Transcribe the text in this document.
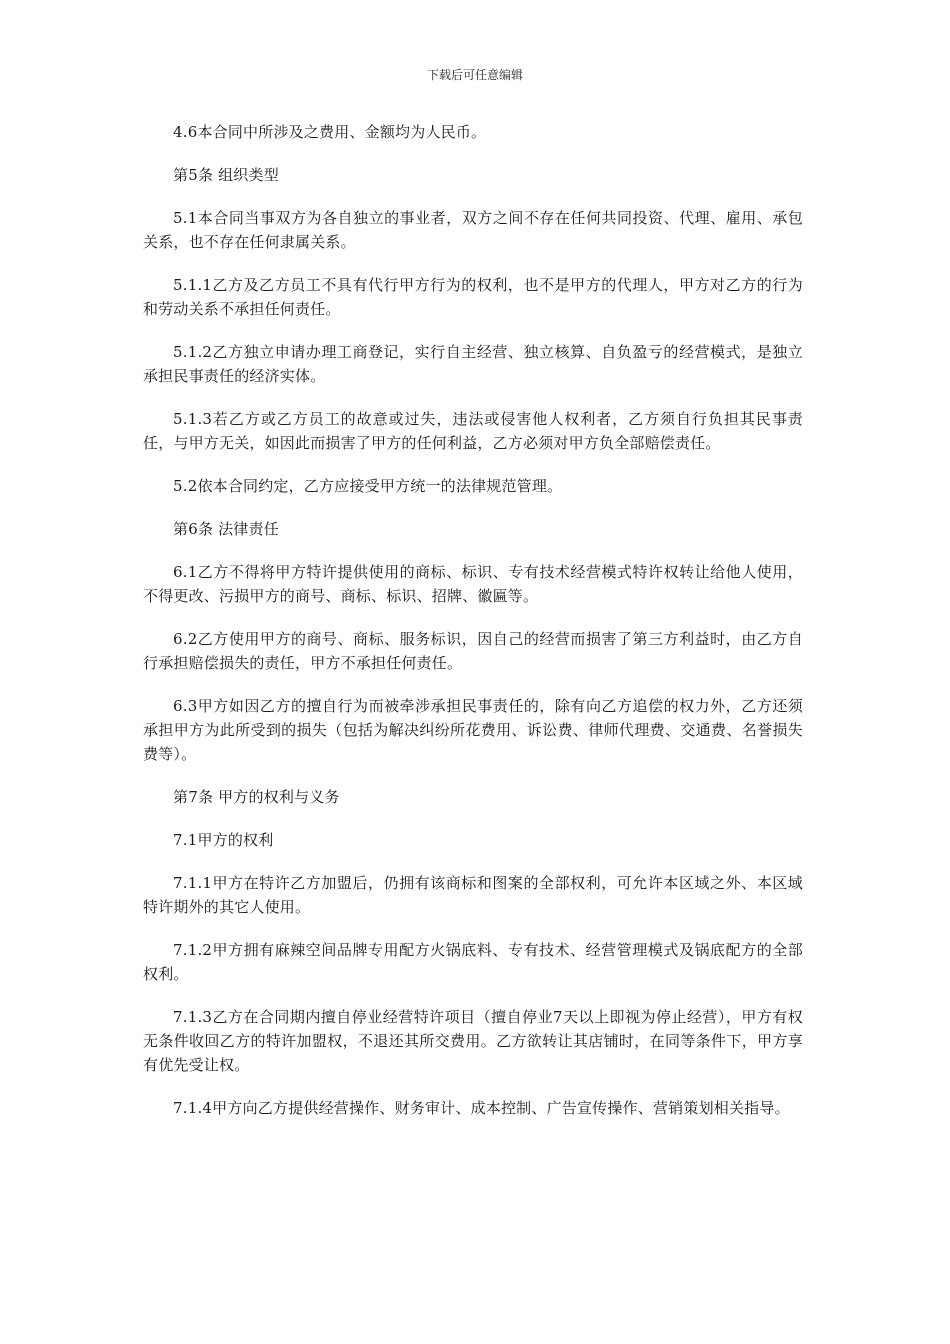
下载后可任意编辑

4.6本合同中所涉及之费用、金额均为人民币。

第5条 组织类型

5.1本合同当事双方为各自独立的事业者，双方之间不存在任何共同投资、代理、雇用、承包关系，也不存在任何隶属关系。

5.1.1乙方及乙方员工不具有代行甲方行为的权利，也不是甲方的代理人，甲方对乙方的行为和劳动关系不承担任何责任。

5.1.2乙方独立申请办理工商登记，实行自主经营、独立核算、自负盈亏的经营模式，是独立承担民事责任的经济实体。

5.1.3若乙方或乙方员工的故意或过失，违法或侵害他人权利者，乙方须自行负担其民事责任，与甲方无关，如因此而损害了甲方的任何利益，乙方必须对甲方负全部赔偿责任。

5.2依本合同约定，乙方应接受甲方统一的法律规范管理。

第6条 法律责任

6.1乙方不得将甲方特许提供使用的商标、标识、专有技术经营模式特许权转让给他人使用，不得更改、污损甲方的商号、商标、标识、招牌、徽匾等。

6.2乙方使用甲方的商号、商标、服务标识，因自己的经营而损害了第三方利益时，由乙方自行承担赔偿损失的责任，甲方不承担任何责任。

6.3甲方如因乙方的擅自行为而被牵涉承担民事责任的，除有向乙方追偿的权力外，乙方还须承担甲方为此所受到的损失（包括为解决纠纷所花费用、诉讼费、律师代理费、交通费、名誉损失费等）。

第7条 甲方的权利与义务

7.1甲方的权利

7.1.1甲方在特许乙方加盟后，仍拥有该商标和图案的全部权利，可允许本区域之外、本区域特许期外的其它人使用。

7.1.2甲方拥有麻辣空间品牌专用配方火锅底料、专有技术、经营管理模式及锅底配方的全部权利。

7.1.3乙方在合同期内擅自停业经营特许项目（擅自停业7天以上即视为停止经营），甲方有权无条件收回乙方的特许加盟权，不退还其所交费用。乙方欲转让其店铺时，在同等条件下，甲方享有优先受让权。

7.1.4甲方向乙方提供经营操作、财务审计、成本控制、广告宣传操作、营销策划相关指导。
